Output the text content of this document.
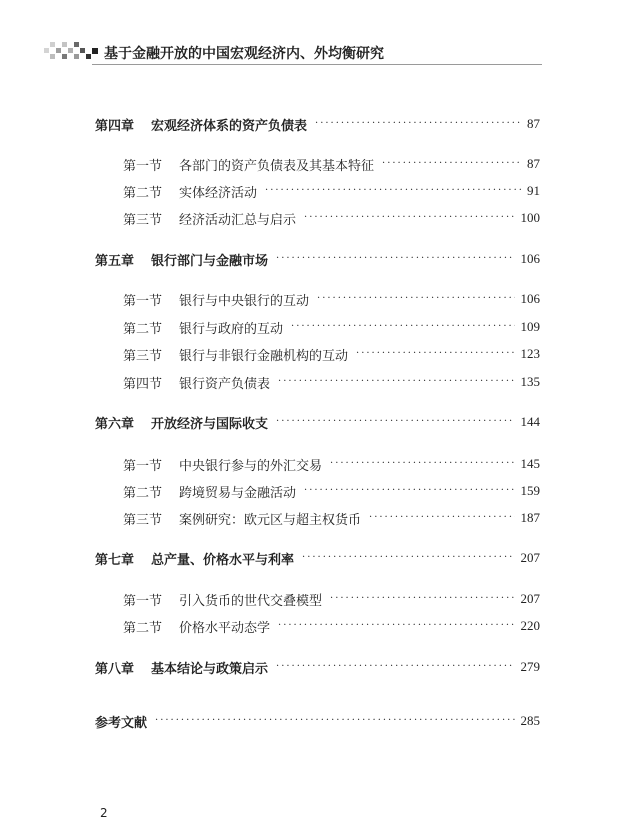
基于金融开放的中国宏观经济内、外均衡研究
第四章	宏观经济体系的资产负债表 ·····	87
第一节	各部门的资产负债表及其基本特征 ·····	87
第二节	实体经济活动 ·····	91
第三节	经济活动汇总与启示 ·····	100
第五章	银行部门与金融市场 ·····	106
第一节	银行与中央银行的互动 ·····	106
第二节	银行与政府的互动 ·····	109
第三节	银行与非银行金融机构的互动 ·····	123
第四节	银行资产负债表 ·····	135
第六章	开放经济与国际收支 ·····	144
第一节	中央银行参与的外汇交易 ·····	145
第二节	跨境贸易与金融活动 ·····	159
第三节	案例研究：欧元区与超主权货币 ·····	187
第七章	总产量、价格水平与利率 ·····	207
第一节	引入货币的世代交叠模型 ·····	207
第二节	价格水平动态学 ·····	220
第八章	基本结论与政策启示 ·····	279
参考文献 ·····	285
2
